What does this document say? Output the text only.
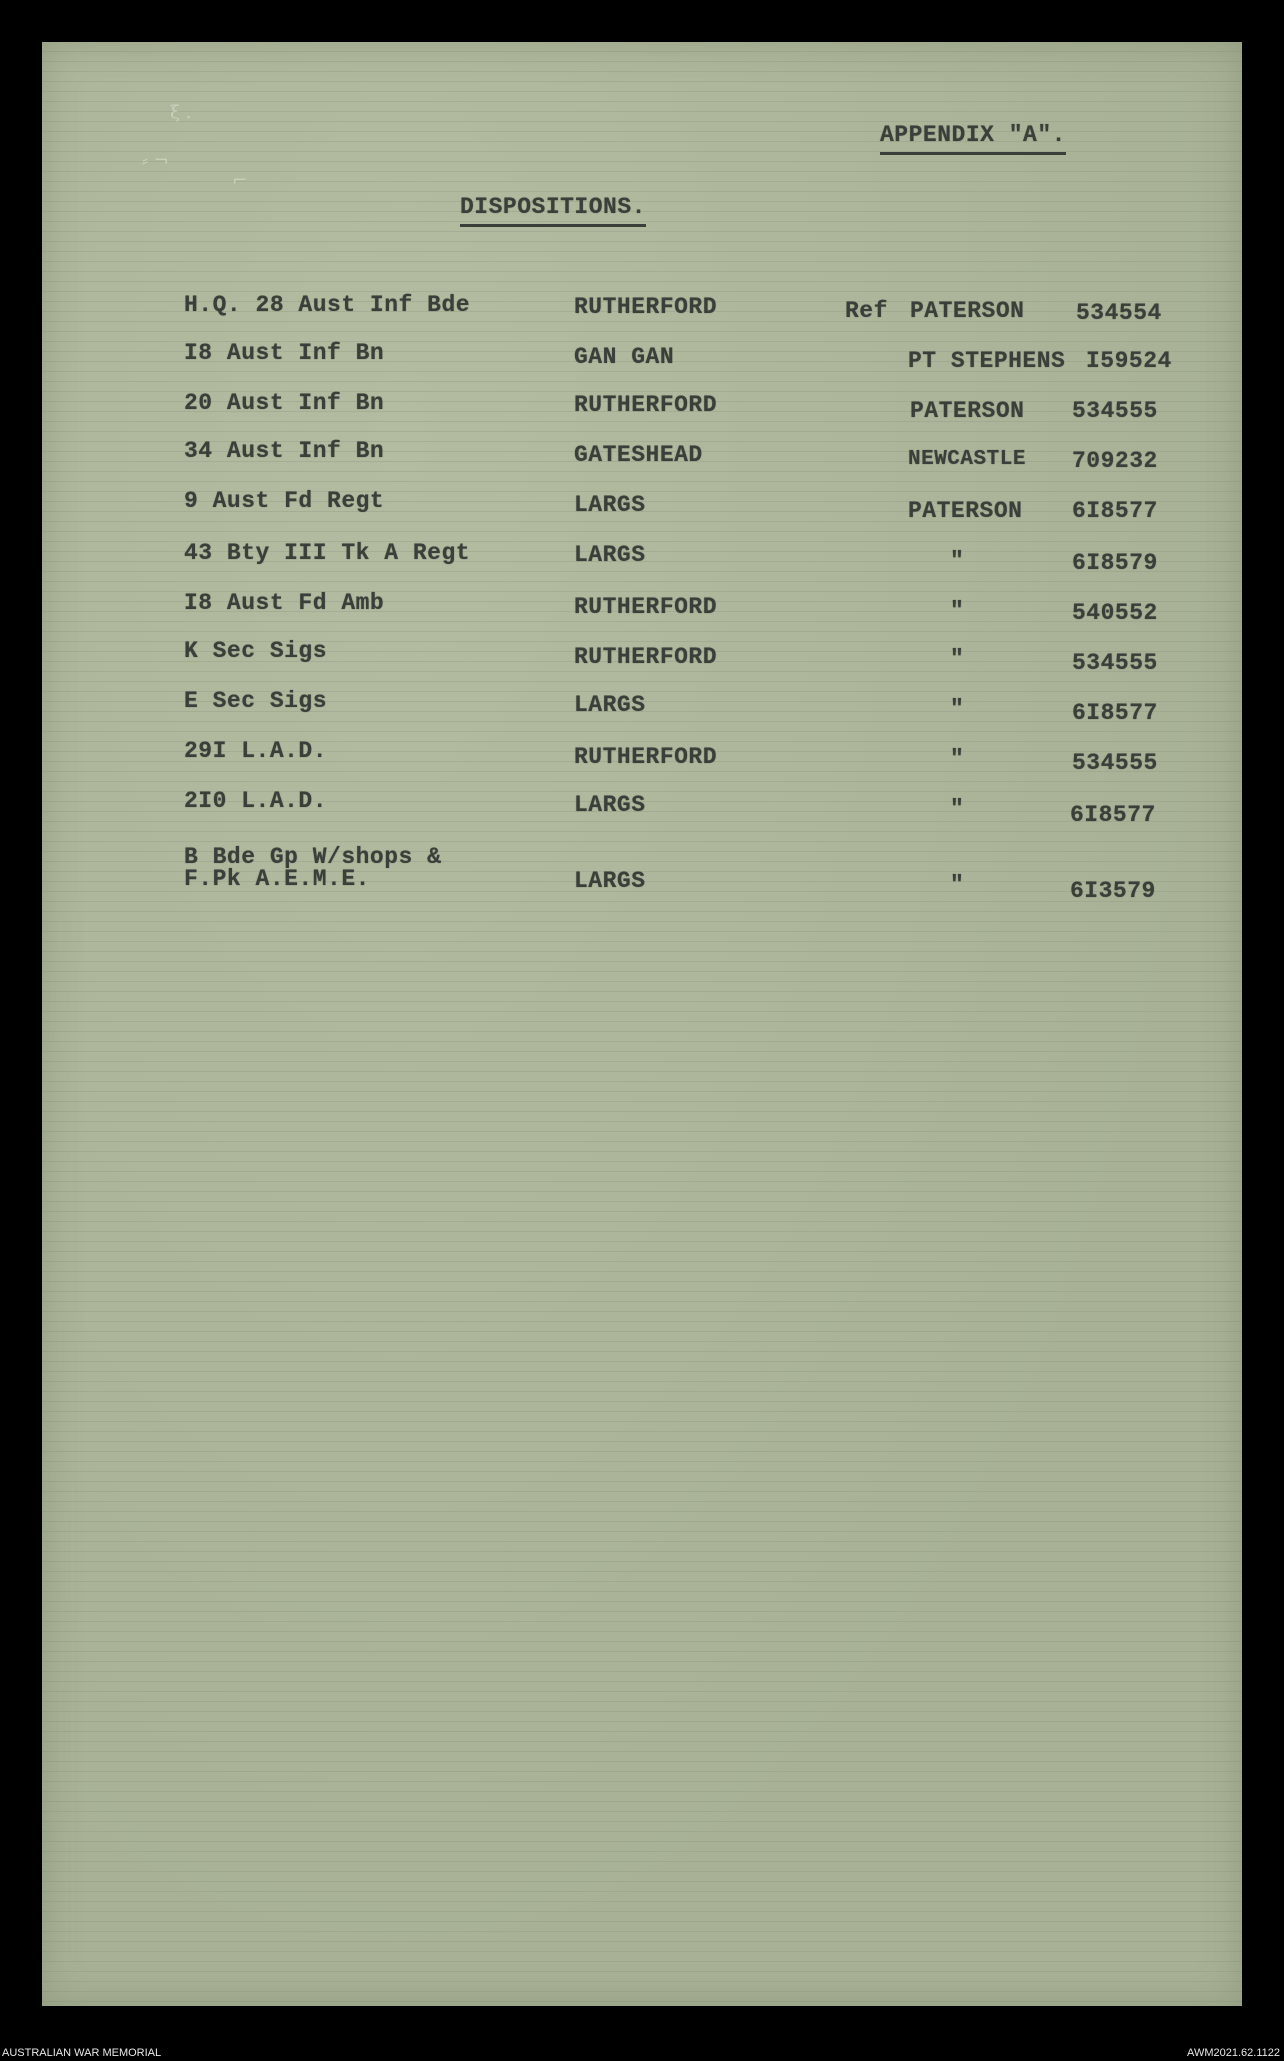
ξ .
⸗ ¬
⌐
APPENDIX "A".
DISPOSITIONS.
H.Q. 28 Aust Inf Bde	RUTHERFORD	Ref PATERSON 534554
I8 Aust Inf Bn	GAN GAN	PT STEPHENS I59524
20 Aust Inf Bn	RUTHERFORD	PATERSON 534555
34 Aust Inf Bn	GATESHEAD	NEWCASTLE 709232
9 Aust Fd Regt	LARGS	PATERSON 6I8577
43 Bty III Tk A Regt	LARGS	"	6I8579
I8 Aust Fd Amb	RUTHERFORD	"	540552
K Sec Sigs	RUTHERFORD	"	534555
E Sec Sigs	LARGS	"	6I8577
29I L.A.D.	RUTHERFORD	"	534555
2I0 L.A.D.	LARGS	"	6I8577
B Bde Gp W/shops &
F.Pk A.E.M.E.	LARGS	"	6I3579
AUSTRALIAN WAR MEMORIAL	AWM2021.62.1122
